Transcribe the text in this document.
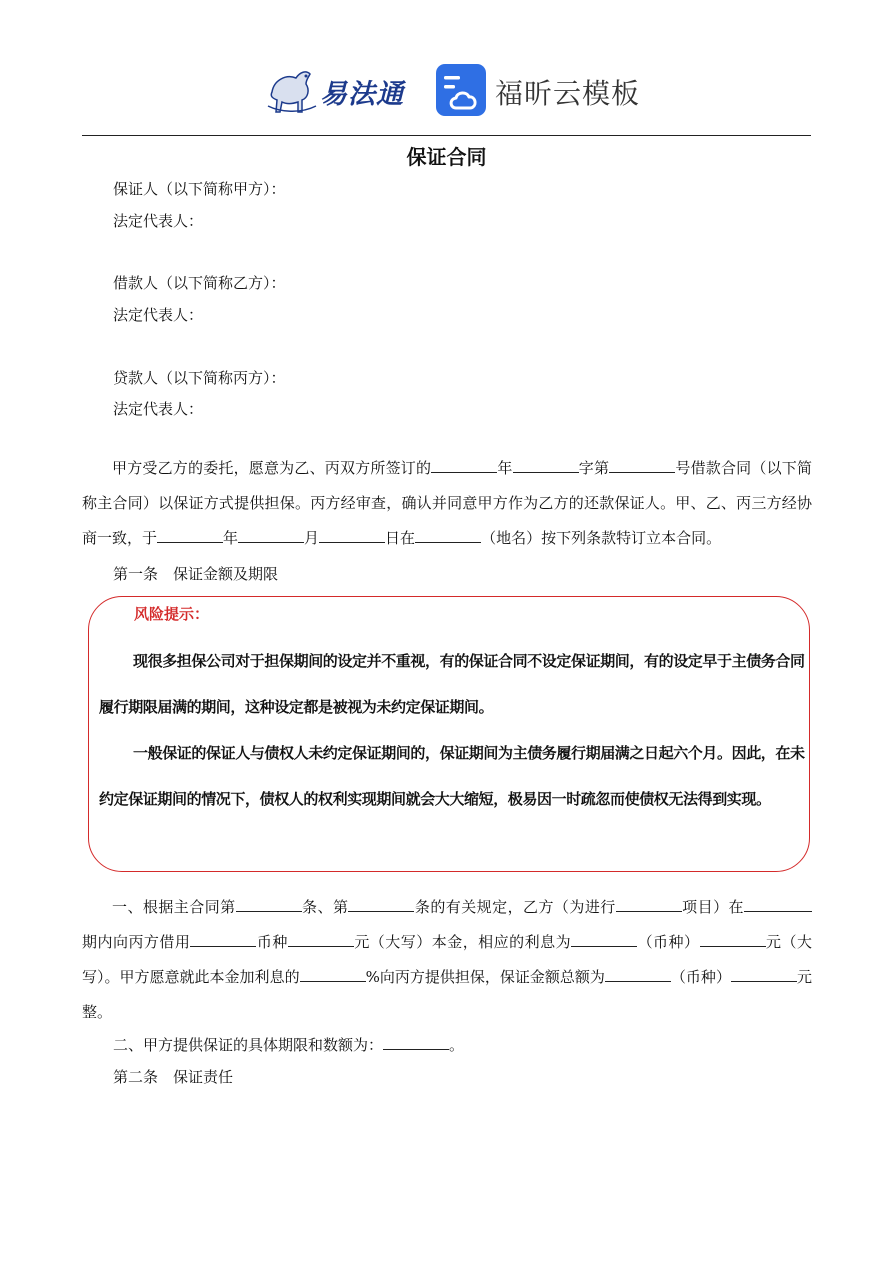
易法通	福昕云模板
保证合同
保证人（以下简称甲方）：
法定代表人：
借款人（以下简称乙方）：
法定代表人：
贷款人（以下简称丙方）：
法定代表人：
甲方受乙方的委托，愿意为乙、丙双方所签订的	年	字第	号借款合同（以下简称主合同）以保证方式提供担保。丙方经审查，确认并同意甲方作为乙方的还款保证人。甲、乙、丙三方经协商一致，于	年	月	日在	（地名）按下列条款特订立本合同。
第一条　保证金额及期限
风险提示：
现很多担保公司对于担保期间的设定并不重视，有的保证合同不设定保证期间，有的设定早于主债务合同履行期限届满的期间，这种设定都是被视为未约定保证期间。
一般保证的保证人与债权人未约定保证期间的，保证期间为主债务履行期届满之日起六个月。因此，在未约定保证期间的情况下，债权人的权利实现期间就会大大缩短，极易因一时疏忽而使债权无法得到实现。
一、根据主合同第	条、第	条的有关规定，乙方（为进行	项目）在期内向丙方借用	币种	元（大写）本金，相应的利息为	（币种）	元（大写）。甲方愿意就此本金加利息的	%向丙方提供担保，保证金额总额为	（币种）	元整。
二、甲方提供保证的具体期限和数额为：	。
第二条　保证责任
